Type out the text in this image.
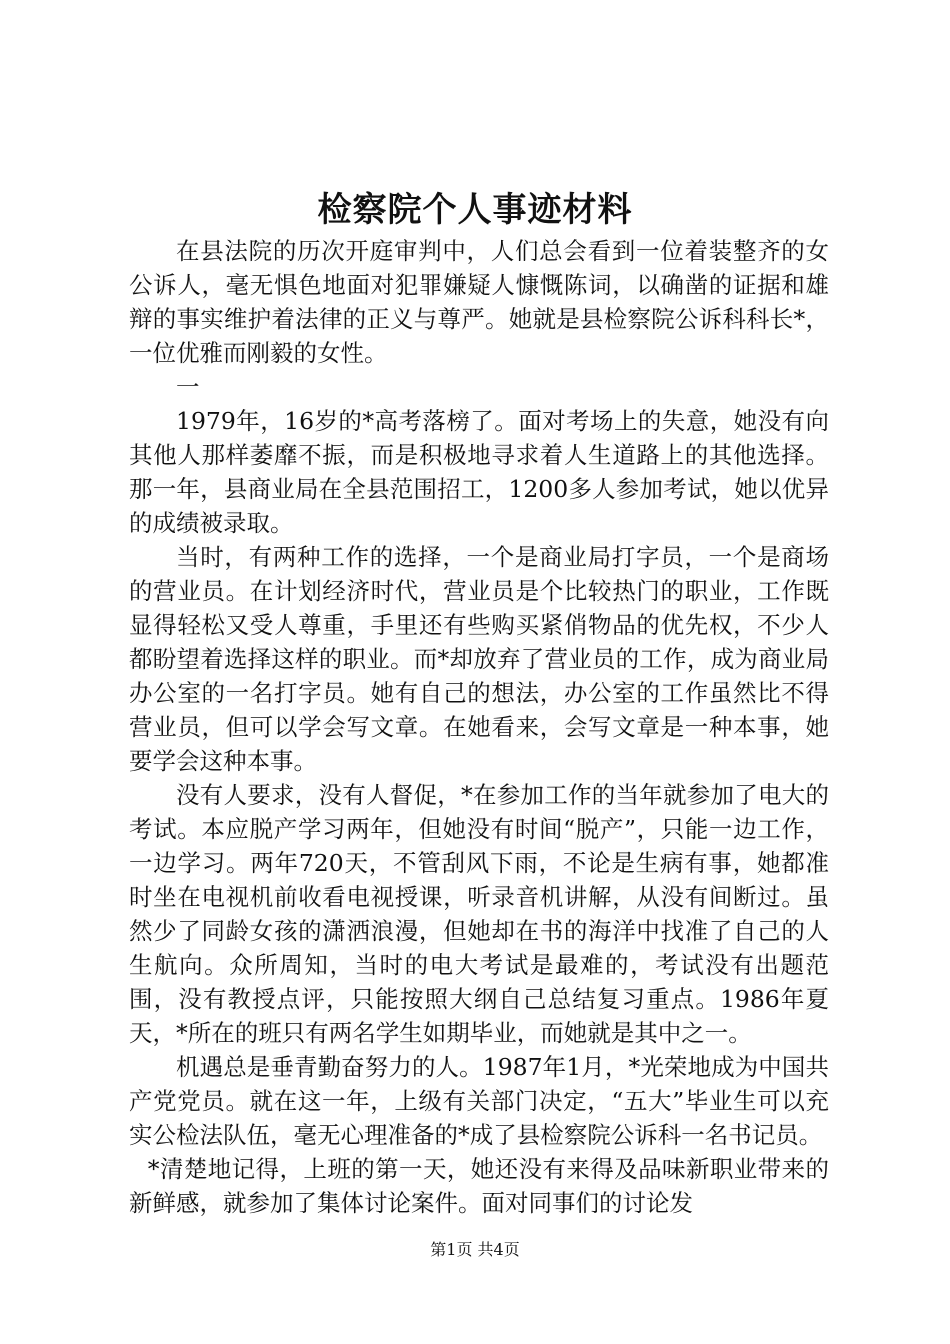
检察院个人事迹材料

在县法院的历次开庭审判中，人们总会看到一位着装整齐的女公诉人，毫无惧色地面对犯罪嫌疑人慷慨陈词，以确凿的证据和雄辩的事实维护着法律的正义与尊严。她就是县检察院公诉科科长*，一位优雅而刚毅的女性。

一

1979年，16岁的*高考落榜了。面对考场上的失意，她没有向其他人那样萎靡不振，而是积极地寻求着人生道路上的其他选择。那一年，县商业局在全县范围招工，1200多人参加考试，她以优异的成绩被录取。

当时，有两种工作的选择，一个是商业局打字员，一个是商场的营业员。在计划经济时代，营业员是个比较热门的职业，工作既显得轻松又受人尊重，手里还有些购买紧俏物品的优先权，不少人都盼望着选择这样的职业。而*却放弃了营业员的工作，成为商业局办公室的一名打字员。她有自己的想法，办公室的工作虽然比不得营业员，但可以学会写文章。在她看来，会写文章是一种本事，她要学会这种本事。

没有人要求，没有人督促，*在参加工作的当年就参加了电大的考试。本应脱产学习两年，但她没有时间“脱产”，只能一边工作，一边学习。两年720天，不管刮风下雨，不论是生病有事，她都准时坐在电视机前收看电视授课，听录音机讲解，从没有间断过。虽然少了同龄女孩的潇洒浪漫，但她却在书的海洋中找准了自己的人生航向。众所周知，当时的电大考试是最难的，考试没有出题范围，没有教授点评，只能按照大纲自己总结复习重点。1986年夏天，*所在的班只有两名学生如期毕业，而她就是其中之一。

机遇总是垂青勤奋努力的人。1987年1月，*光荣地成为中国共产党党员。就在这一年，上级有关部门决定，“五大”毕业生可以充实公检法队伍，毫无心理准备的*成了县检察院公诉科一名书记员。

*清楚地记得，上班的第一天，她还没有来得及品味新职业带来的新鲜感，就参加了集体讨论案件。面对同事们的讨论发

第1页 共4页
